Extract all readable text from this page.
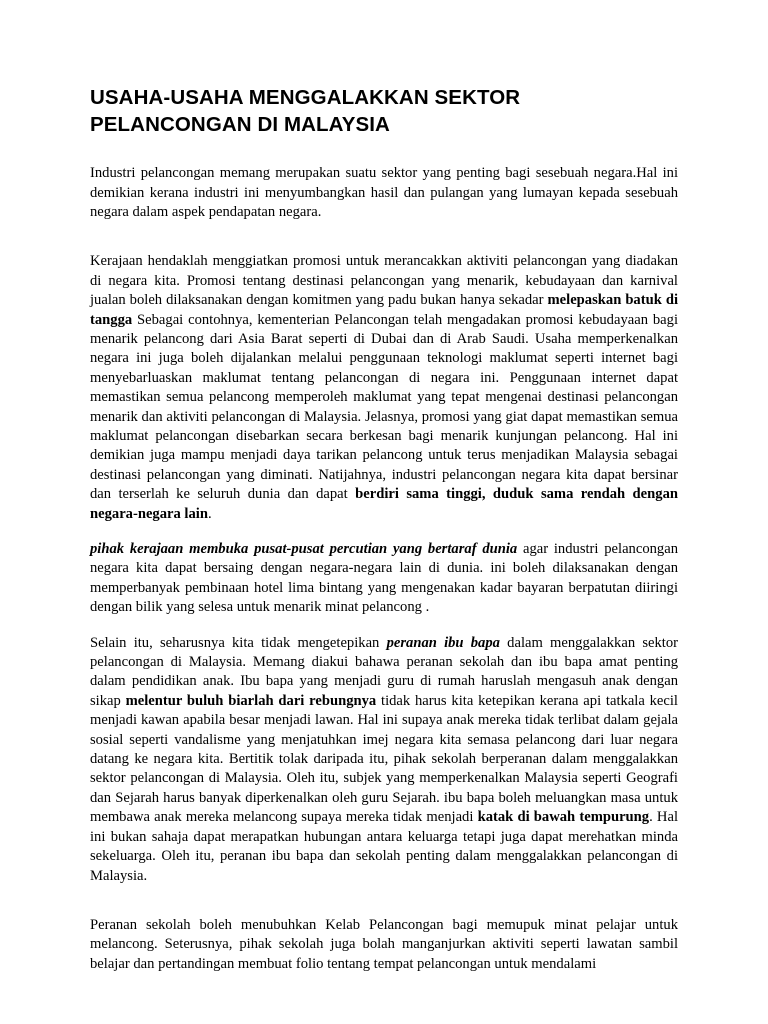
USAHA-USAHA MENGGALAKKAN SEKTOR PELANCONGAN DI MALAYSIA
Industri pelancongan memang merupakan suatu sektor yang penting bagi sesebuah negara.Hal ini demikian kerana industri ini menyumbangkan hasil dan pulangan yang lumayan kepada sesebuah negara dalam aspek pendapatan negara.
Kerajaan hendaklah menggiatkan promosi untuk merancakkan aktiviti pelancongan yang diadakan di negara kita. Promosi tentang destinasi pelancongan yang menarik, kebudayaan dan karnival jualan boleh dilaksanakan dengan komitmen yang padu bukan hanya sekadar melepaskan batuk di tangga Sebagai contohnya, kementerian Pelancongan telah mengadakan promosi kebudayaan bagi menarik pelancong dari Asia Barat seperti di Dubai dan di Arab Saudi. Usaha memperkenalkan negara ini juga boleh dijalankan melalui penggunaan teknologi maklumat seperti internet bagi menyebarluaskan maklumat tentang pelancongan di negara ini. Penggunaan internet dapat memastikan semua pelancong memperoleh maklumat yang tepat mengenai destinasi pelancongan menarik dan aktiviti pelancongan di Malaysia. Jelasnya, promosi yang giat dapat memastikan semua maklumat pelancongan disebarkan secara berkesan bagi menarik kunjungan pelancong. Hal ini demikian juga mampu menjadi daya tarikan pelancong untuk terus menjadikan Malaysia sebagai destinasi pelancongan yang diminati. Natijahnya, industri pelancongan negara kita dapat bersinar dan terserlah ke seluruh dunia dan dapat berdiri sama tinggi, duduk sama rendah dengan negara-negara lain.
pihak kerajaan membuka pusat-pusat percutian yang bertaraf dunia agar industri pelancongan negara kita dapat bersaing dengan negara-negara lain di dunia. ini boleh dilaksanakan dengan memperbanyak pembinaan hotel lima bintang yang mengenakan kadar bayaran berpatutan diiringi dengan bilik yang selesa untuk menarik minat pelancong .
Selain itu, seharusnya kita tidak mengetepikan peranan ibu bapa dalam menggalakkan sektor pelancongan di Malaysia. Memang diakui bahawa peranan sekolah dan ibu bapa amat penting dalam pendidikan anak. Ibu bapa yang menjadi guru di rumah haruslah mengasuh anak dengan sikap melentur buluh biarlah dari rebungnya tidak harus kita ketepikan kerana api tatkala kecil menjadi kawan apabila besar menjadi lawan. Hal ini supaya anak mereka tidak terlibat dalam gejala sosial seperti vandalisme yang menjatuhkan imej negara kita semasa pelancong dari luar negara datang ke negara kita. Bertitik tolak daripada itu, pihak sekolah berperanan dalam menggalakkan sektor pelancongan di Malaysia. Oleh itu, subjek yang memperkenalkan Malaysia seperti Geografi dan Sejarah harus banyak diperkenalkan oleh guru Sejarah. ibu bapa boleh meluangkan masa untuk membawa anak mereka melancong supaya mereka tidak menjadi katak di bawah tempurung. Hal ini bukan sahaja dapat merapatkan hubungan antara keluarga tetapi juga dapat merehatkan minda sekeluarga. Oleh itu, peranan ibu bapa dan sekolah penting dalam menggalakkan pelancongan di Malaysia.
Peranan sekolah boleh menubuhkan Kelab Pelancongan bagi memupuk minat pelajar untuk melancong. Seterusnya, pihak sekolah juga bolah manganjurkan aktiviti seperti lawatan sambil belajar dan pertandingan membuat folio tentang tempat pelancongan untuk mendalami
